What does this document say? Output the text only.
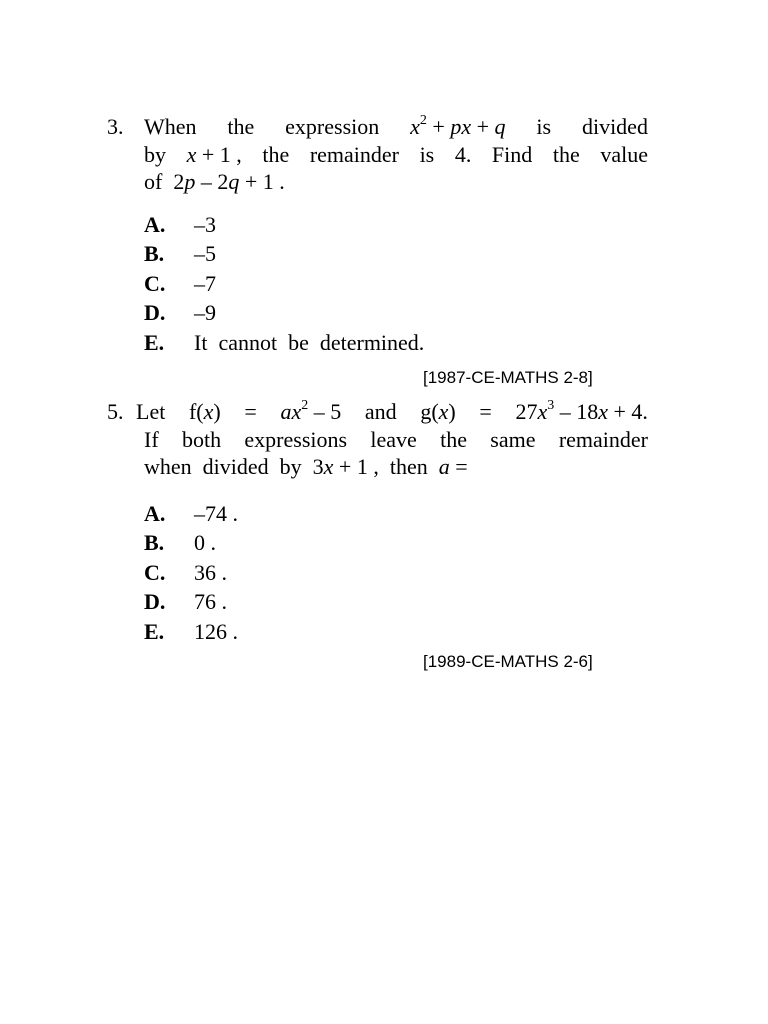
3. When the expression $x^2$ + px + q is divided
by x + 1 , the remainder is 4. Find the value
of 2p – 2q + 1 .
A. –3
B. –5
C. –7
D. –9
E. It  cannot  be  determined.
[1987-CE-MATHS 2-8]
5. Let $f(x) = ax^2 - 5$ and $g(x) = 27x^3 - 18x + 4$.
If both expressions leave the same remainder
when divided by 3x + 1 , then a =
A. –74 .
B. 0 .
C. 36 .
D. 76 .
E. 126 .
[1989-CE-MATHS 2-6]
